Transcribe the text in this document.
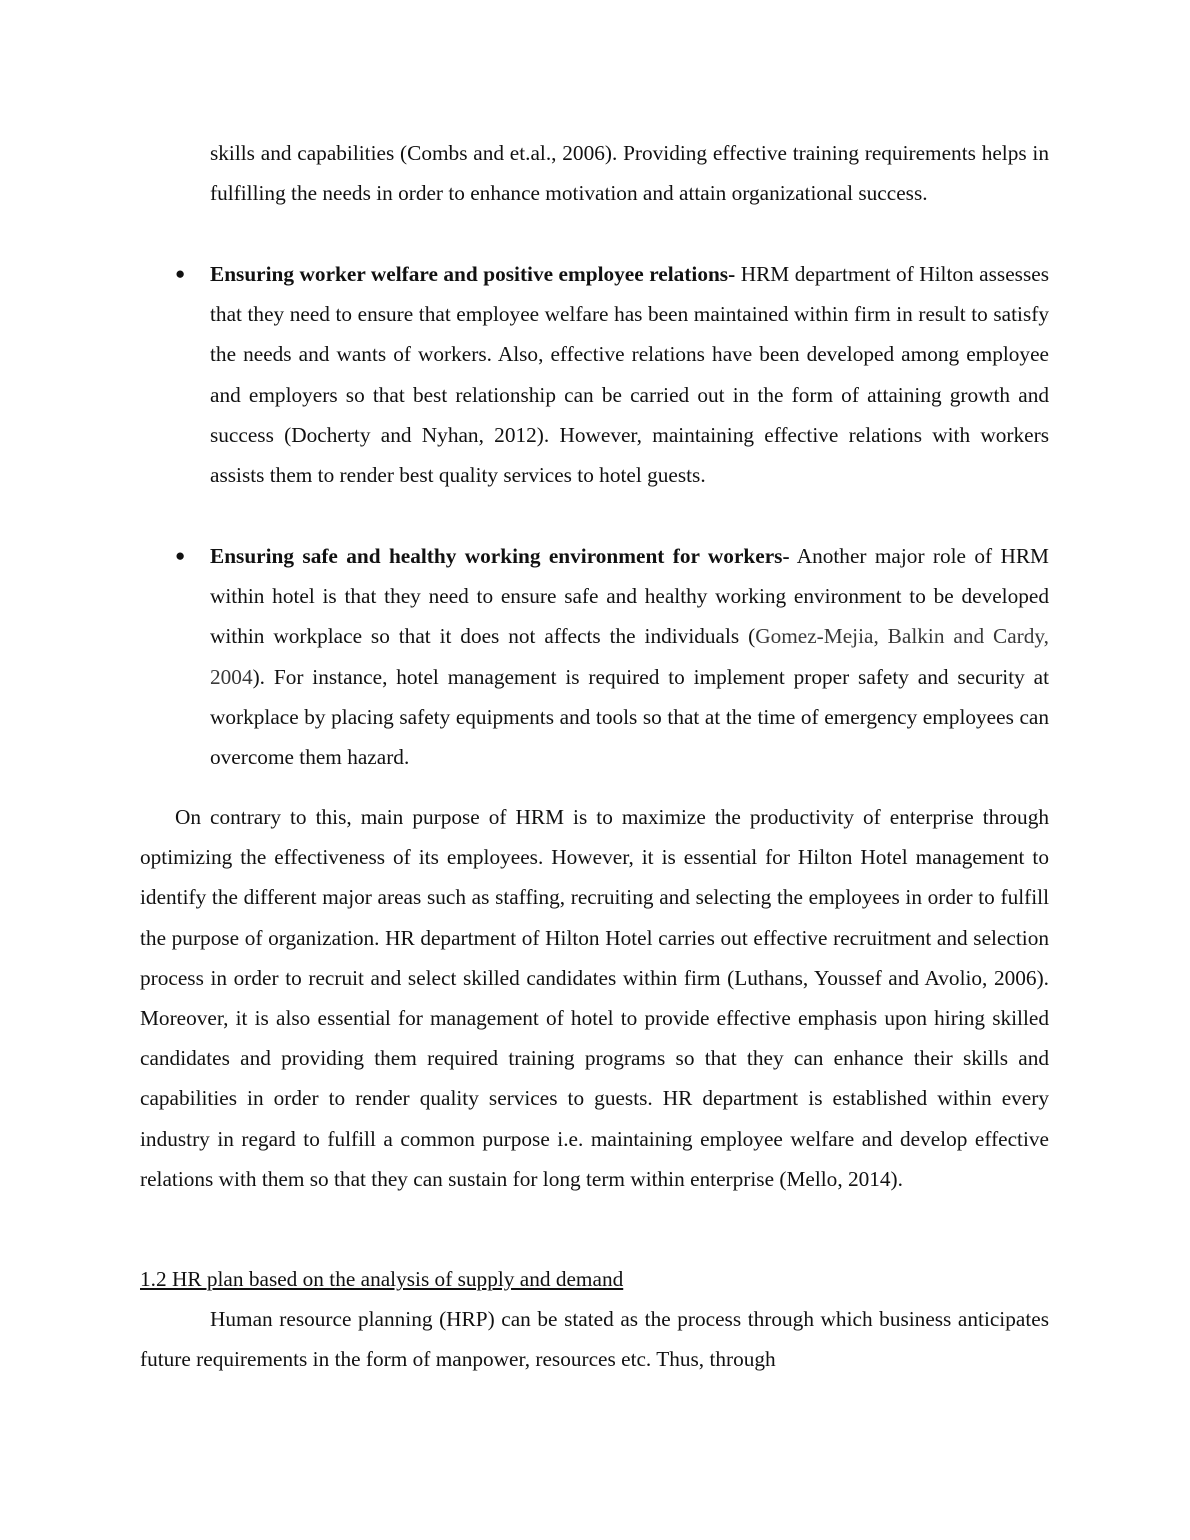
skills and capabilities (Combs and et.al., 2006). Providing effective training requirements helps in fulfilling the needs in order to enhance motivation and attain organizational success.

●	Ensuring worker welfare and positive employee relations- HRM department of Hilton assesses that they need to ensure that employee welfare has been maintained within firm in result to satisfy the needs and wants of workers. Also, effective relations have been developed among employee and employers so that best relationship can be carried out in the form of attaining growth and success (Docherty and Nyhan, 2012). However, maintaining effective relations with workers assists them to render best quality services to hotel guests.
●	Ensuring safe and healthy working environment for workers- Another major role of HRM within hotel is that they need to ensure safe and healthy working environment to be developed within workplace so that it does not affects the individuals (Gomez-Mejia, Balkin and Cardy, 2004). For instance, hotel management is required to implement proper safety and security at workplace by placing safety equipments and tools so that at the time of emergency employees can overcome them hazard.

On contrary to this, main purpose of HRM is to maximize the productivity of enterprise through optimizing the effectiveness of its employees. However, it is essential for Hilton Hotel management to identify the different major areas such as staffing, recruiting and selecting the employees in order to fulfill the purpose of organization. HR department of Hilton Hotel carries out effective recruitment and selection process in order to recruit and select skilled candidates within firm (Luthans, Youssef and Avolio, 2006). Moreover, it is also essential for management of hotel to provide effective emphasis upon hiring skilled candidates and providing them required training programs so that they can enhance their skills and capabilities in order to render quality services to guests. HR department is established within every industry in regard to fulfill a common purpose i.e. maintaining employee welfare and develop effective relations with them so that they can sustain for long term within enterprise (Mello, 2014).

1.2 HR plan based on the analysis of supply and demand

Human resource planning (HRP) can be stated as the process through which business anticipates future requirements in the form of manpower, resources etc. Thus, through
